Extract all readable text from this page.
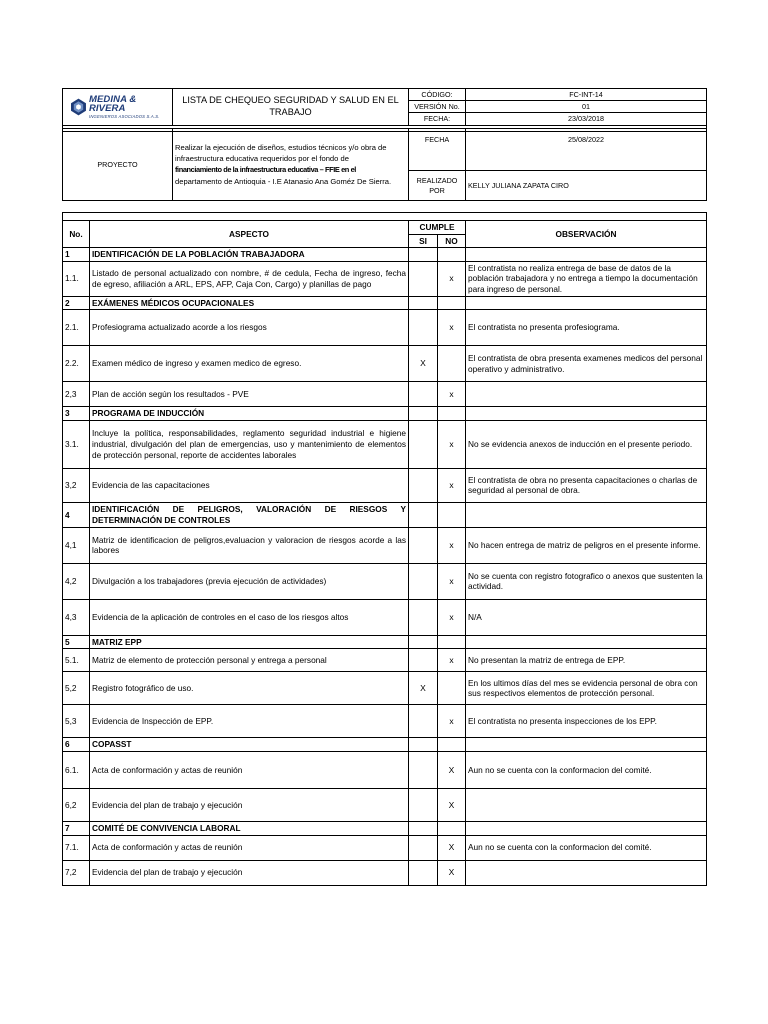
MEDINA & RIVERA
INGENIEROS ASOCIADOS S.A.S.	LISTA DE CHEQUEO SEGURIDAD Y SALUD EN EL TRABAJO	CÓDIGO:	FC-INT-14
		VERSIÓN No.	01
		FECHA:	23/03/2018

PROYECTO	Realizar la ejecución de diseños, estudios técnicos y/o obra de infraestructura educativa requeridos por el fondo de
financiamiento de la infraestructura educativa – FFIE en el
departamento de Antioquia - I.E Atanasio Ana Goméz De Sierra.	FECHA	25/08/2022
		REALIZADO POR	KELLY JULIANA ZAPATA CIRO

No.	ASPECTO	CUMPLE		OBSERVACIÓN
		SI	NO	
1	IDENTIFICACIÓN DE LA POBLACIÓN TRABAJADORA			
1.1.	Listado de personal actualizado con nombre, # de cedula, Fecha de ingreso, fecha de egreso, afiliación a ARL, EPS, AFP, Caja Con, Cargo) y planillas de pago		x	El contratista no realiza entrega de base de datos de la población trabajadora y no entrega a tiempo la documentación para ingreso de personal.
2	EXÁMENES MÉDICOS OCUPACIONALES			
2.1.	Profesiograma actualizado acorde a los riesgos		x	El contratista no presenta profesiograma.
2.2.	Examen médico de ingreso y examen medico de egreso.	X		El contratista de obra presenta examenes medicos del personal operativo y administrativo.
2,3	Plan de acción según los resultados - PVE		x	
3	PROGRAMA DE INDUCCIÓN			
3.1.	Incluye la política, responsabilidades, reglamento seguridad industrial e higiene industrial, divulgación del plan de emergencias, uso y mantenimiento de elementos de protección personal, reporte de accidentes laborales		x	No se evidencia anexos de inducción en el presente periodo.
3,2	Evidencia de las capacitaciones		x	El contratista de obra no presenta capacitaciones o charlas de seguridad al personal de obra.
4	IDENTIFICACIÓN DE PELIGROS, VALORACIÓN DE RIESGOS Y DETERMINACIÓN DE CONTROLES			
4,1	Matriz de identificacion de peligros,evaluacion y valoracion de riesgos acorde a las labores		x	No hacen entrega de matriz de peligros en el presente informe.
4,2	Divulgación a los trabajadores (previa ejecución de actividades)		x	No se cuenta con registro fotografico o anexos que sustenten la actividad.
4,3	Evidencia de la aplicación de controles en el caso de los riesgos altos		x	N/A
5	MATRIZ EPP			
5.1.	Matriz de elemento de protección personal y entrega a personal		x	No presentan la matriz de entrega de EPP.
5,2	Registro fotográfico de uso.	X		En los ultimos días del mes se evidencia personal de obra con sus respectivos elementos de protección personal.
5,3	Evidencia de Inspección de EPP.		x	El contratista no presenta inspecciones de los EPP.
6	COPASST			
6.1.	Acta de conformación y actas de reunión		X	Aun no se cuenta con la conformacion del comité.
6,2	Evidencia del plan de trabajo y ejecución		X	
7	COMITÉ DE CONVIVENCIA LABORAL			
7.1.	Acta de conformación y actas de reunión		X	Aun no se cuenta con la conformacion del comité.
7,2	Evidencia del plan de trabajo y ejecución		X	
